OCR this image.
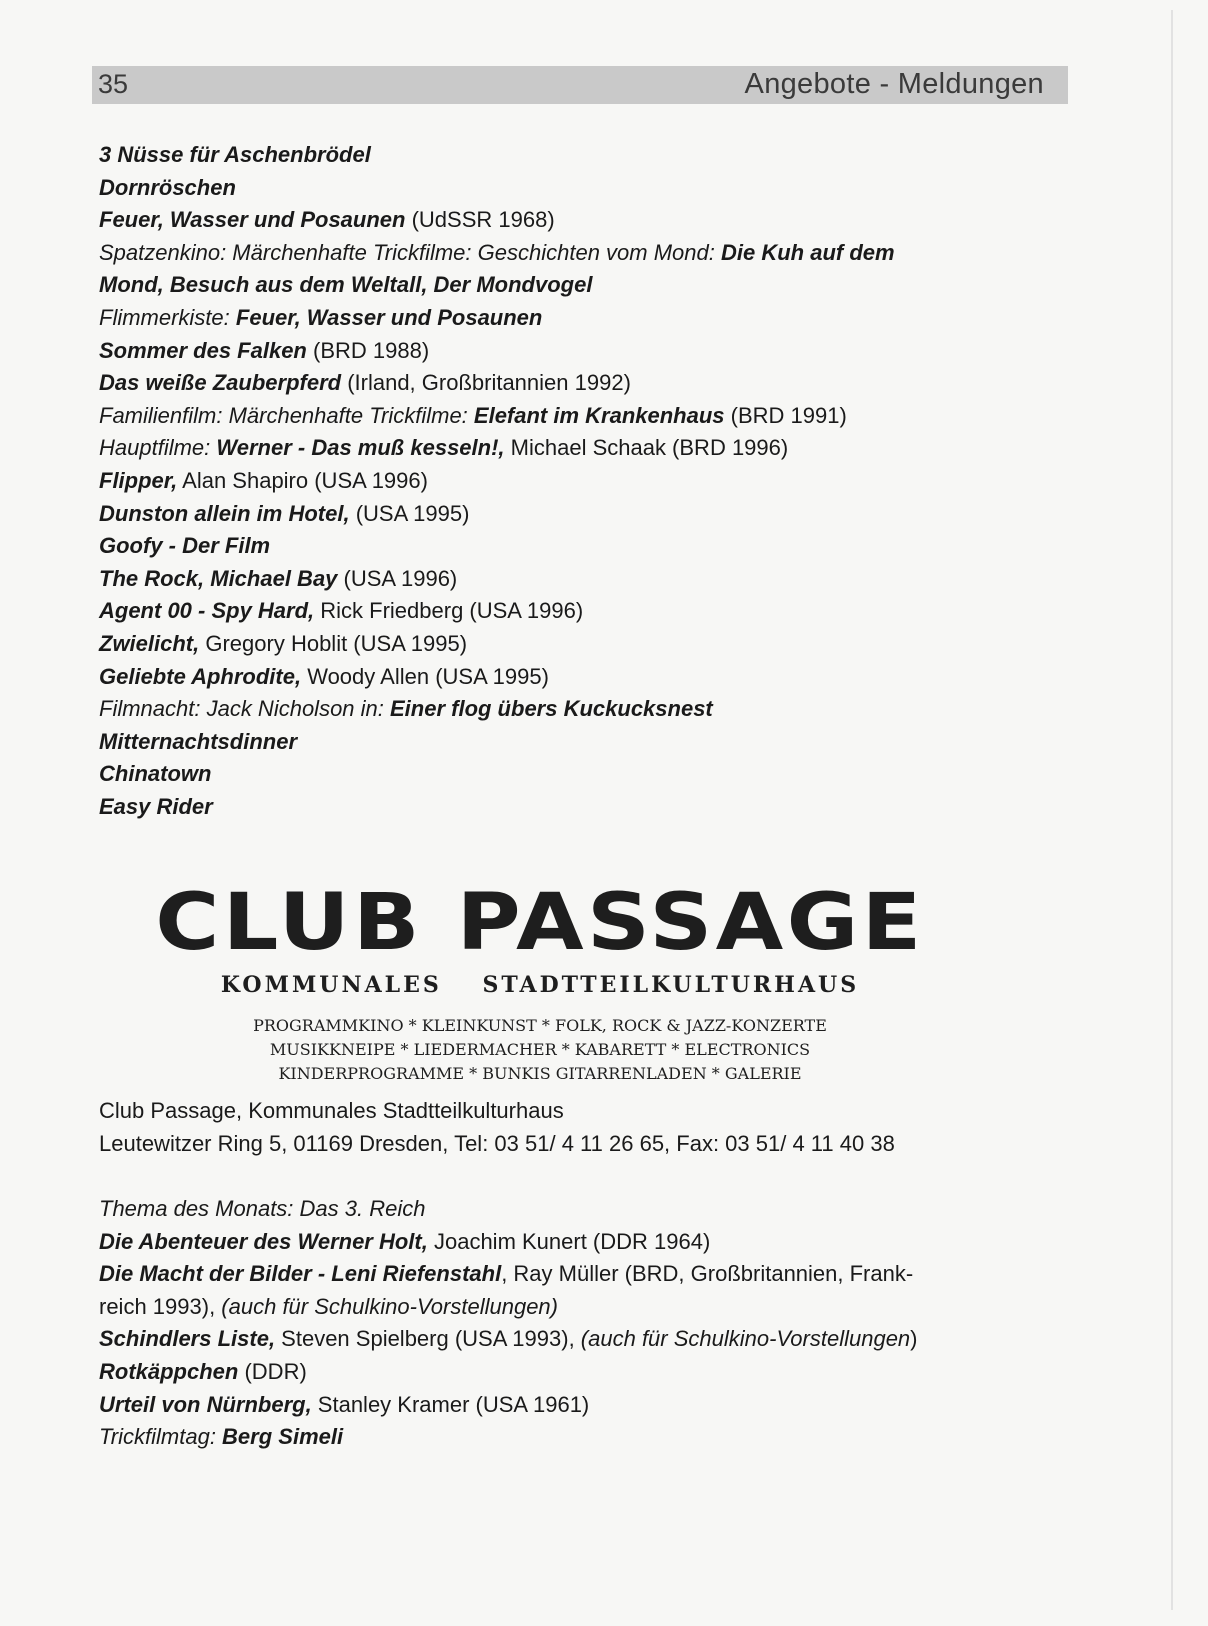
35	Angebote - Meldungen
3 Nüsse für Aschenbrödel
Dornröschen
Feuer, Wasser und Posaunen (UdSSR 1968)
Spatzenkino: Märchenhafte Trickfilme: Geschichten vom Mond: Die Kuh auf dem
Mond, Besuch aus dem Weltall, Der Mondvogel
Flimmerkiste: Feuer, Wasser und Posaunen
Sommer des Falken (BRD 1988)
Das weiße Zauberpferd (Irland, Großbritannien 1992)
Familienfilm: Märchenhafte Trickfilme: Elefant im Krankenhaus (BRD 1991)
Hauptfilme: Werner - Das muß kesseln!, Michael Schaak (BRD 1996)
Flipper, Alan Shapiro (USA 1996)
Dunston allein im Hotel, (USA 1995)
Goofy - Der Film
The Rock, Michael Bay (USA 1996)
Agent 00 - Spy Hard, Rick Friedberg (USA 1996)
Zwielicht, Gregory Hoblit (USA 1995)
Geliebte Aphrodite, Woody Allen (USA 1995)
Filmnacht: Jack Nicholson in: Einer flog übers Kuckucksnest
Mitternachtsdinner
Chinatown
Easy Rider
CLUB PASSAGE
KOMMUNALES STADTTEILKULTURHAUS
PROGRAMMKINO * KLEINKUNST * FOLK, ROCK & JAZZ-KONZERTE
MUSIKKNEIPE * LIEDERMACHER * KABARETT * ELECTRONICS
KINDERPROGRAMME * BUNKIS GITARRENLADEN * GALERIE
Club Passage, Kommunales Stadtteilkulturhaus
Leutewitzer Ring 5, 01169 Dresden, Tel: 03 51/ 4 11 26 65, Fax: 03 51/ 4 11 40 38
Thema des Monats: Das 3. Reich
Die Abenteuer des Werner Holt, Joachim Kunert (DDR 1964)
Die Macht der Bilder - Leni Riefenstahl, Ray Müller (BRD, Großbritannien, Frank-
reich 1993), (auch für Schulkino-Vorstellungen)
Schindlers Liste, Steven Spielberg (USA 1993), (auch für Schulkino-Vorstellungen)
Rotkäppchen (DDR)
Urteil von Nürnberg, Stanley Kramer (USA 1961)
Trickfilmtag: Berg Simeli
